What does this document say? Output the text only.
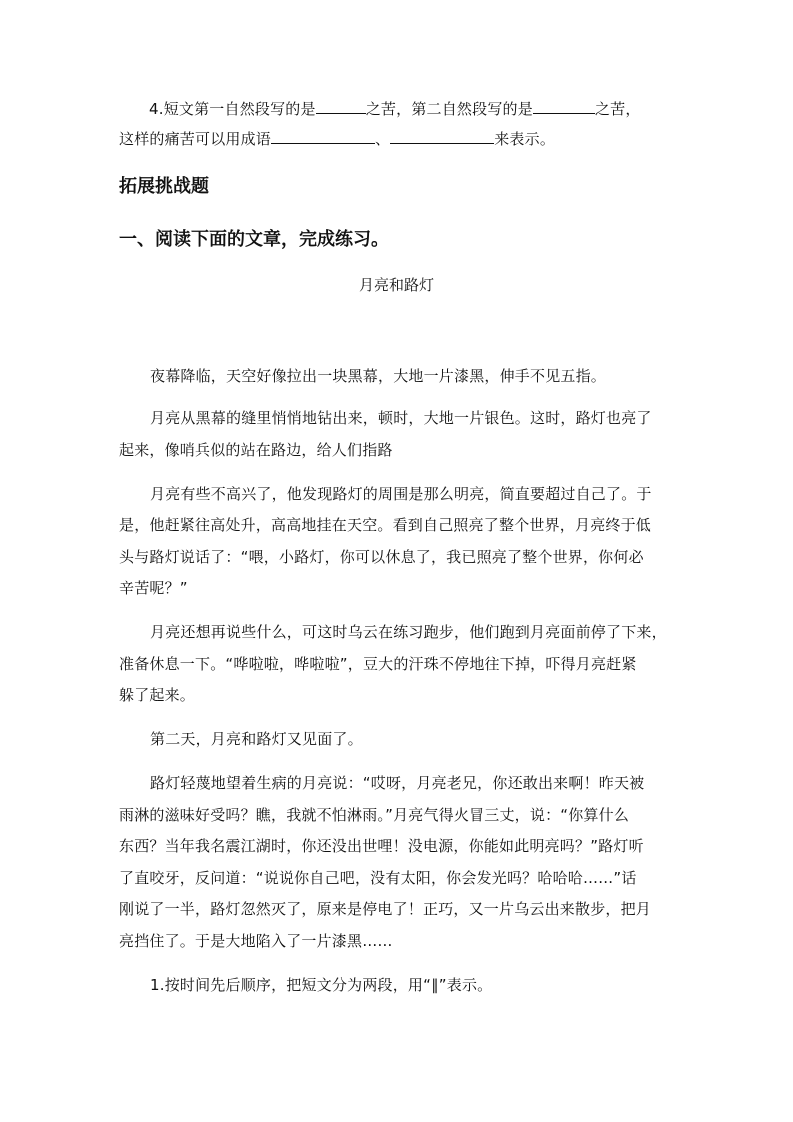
4.短文第一自然段写的是	之苦，第二自然段写的是	之苦，
这样的痛苦可以用成语	、	来表示。
拓展挑战题
一、阅读下面的文章，完成练习。
月亮和路灯
夜幕降临，天空好像拉出一块黑幕，大地一片漆黑，伸手不见五指。
月亮从黑幕的缝里悄悄地钻出来，顿时，大地一片银色。这时，路灯也亮了
起来，像哨兵似的站在路边，给人们指路
月亮有些不高兴了，他发现路灯的周围是那么明亮，简直要超过自己了。于
是，他赶紧往高处升，高高地挂在天空。看到自己照亮了整个世界，月亮终于低
头与路灯说话了：“喂，小路灯，你可以休息了，我已照亮了整个世界，你何必
辛苦呢？”
月亮还想再说些什么，可这时乌云在练习跑步，他们跑到月亮面前停了下来，
准备休息一下。“哗啦啦，哗啦啦”，豆大的汗珠不停地往下掉，吓得月亮赶紧
躲了起来。
第二天，月亮和路灯又见面了。
路灯轻蔑地望着生病的月亮说：“哎呀，月亮老兄，你还敢出来啊！昨天被
雨淋的滋味好受吗？瞧，我就不怕淋雨。”月亮气得火冒三丈，说：“你算什么
东西？当年我名震江湖时，你还没出世哩！没电源，你能如此明亮吗？”路灯听
了直咬牙，反问道：“说说你自己吧，没有太阳，你会发光吗？哈哈哈……”话
刚说了一半，路灯忽然灭了，原来是停电了！正巧，又一片乌云出来散步，把月
亮挡住了。于是大地陷入了一片漆黑……
1.按时间先后顺序，把短文分为两段，用“∥”表示。
